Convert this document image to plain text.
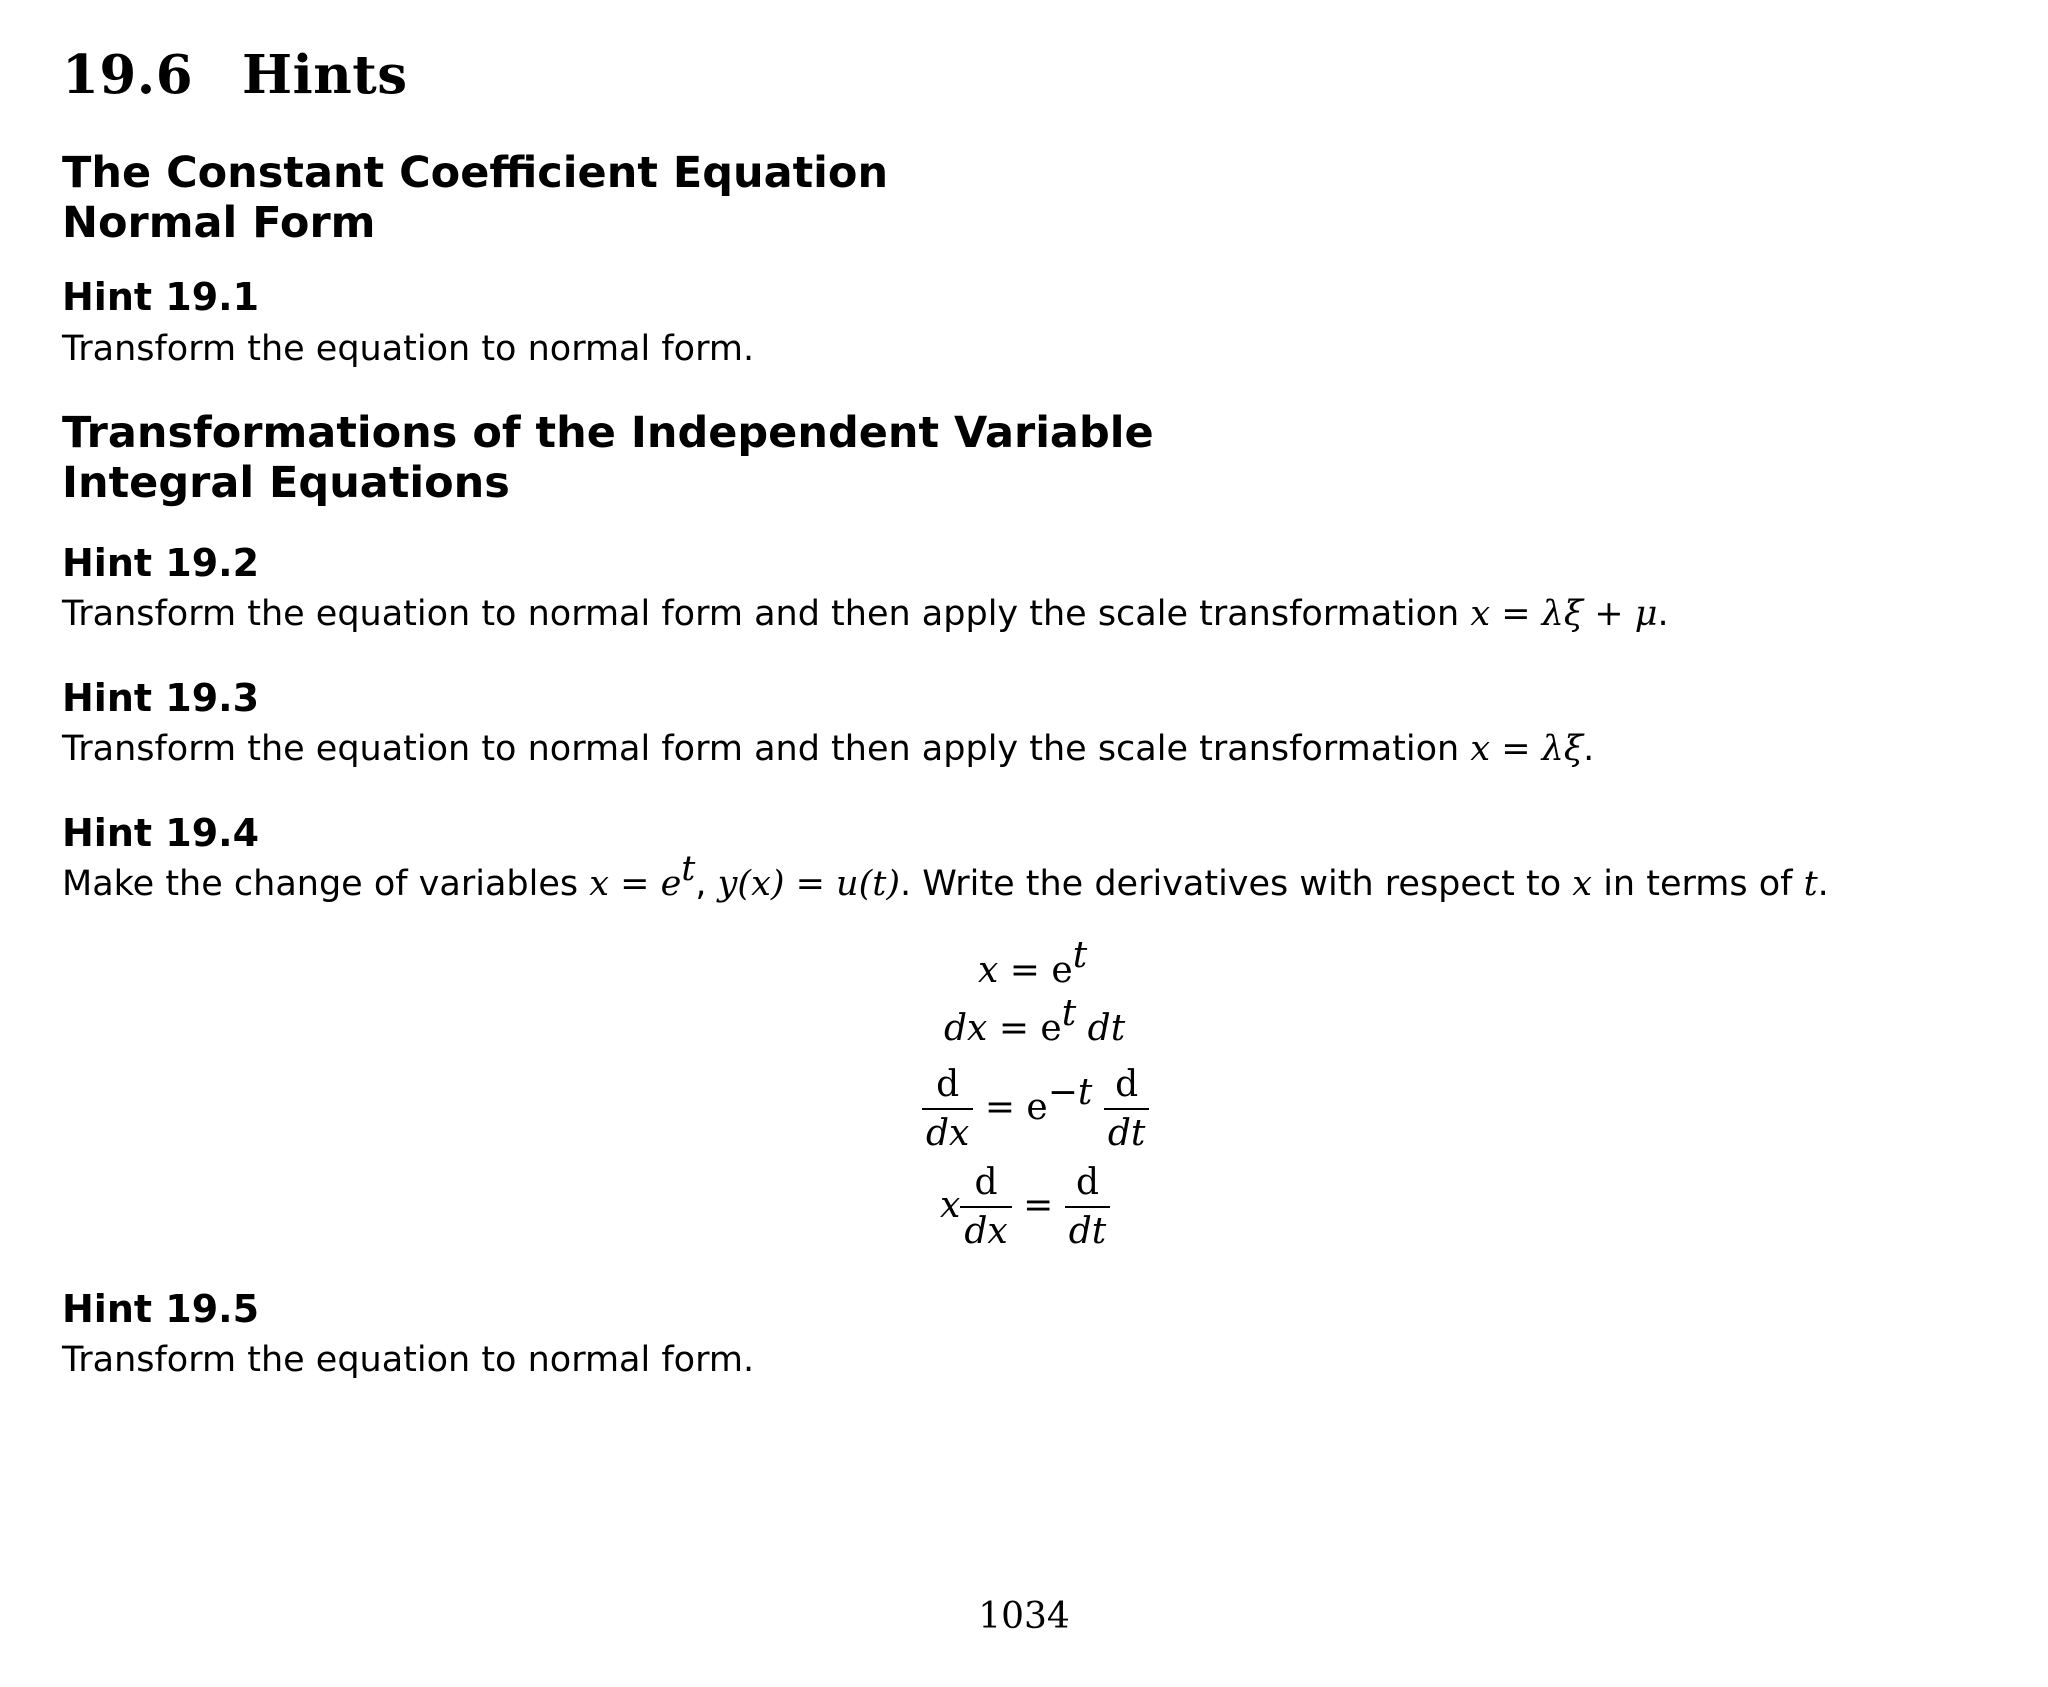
19.6 Hints
The Constant Coefficient Equation
Normal Form
Hint 19.1
Transform the equation to normal form.
Transformations of the Independent Variable
Integral Equations
Hint 19.2
Transform the equation to normal form and then apply the scale transformation x = λξ + μ.
Hint 19.3
Transform the equation to normal form and then apply the scale transformation x = λξ.
Hint 19.4
Make the change of variables $x = e^t$, y(x) = u(t). Write the derivatives with respect to x in terms of t.
$x = e^t$
dx = $e^t$ dt
$\frac{d}{dx} = e^{-t} \frac{d}{dt}$
x $\frac{d}{dx} = \frac{d}{dt}$
Hint 19.5
Transform the equation to normal form.
1034
